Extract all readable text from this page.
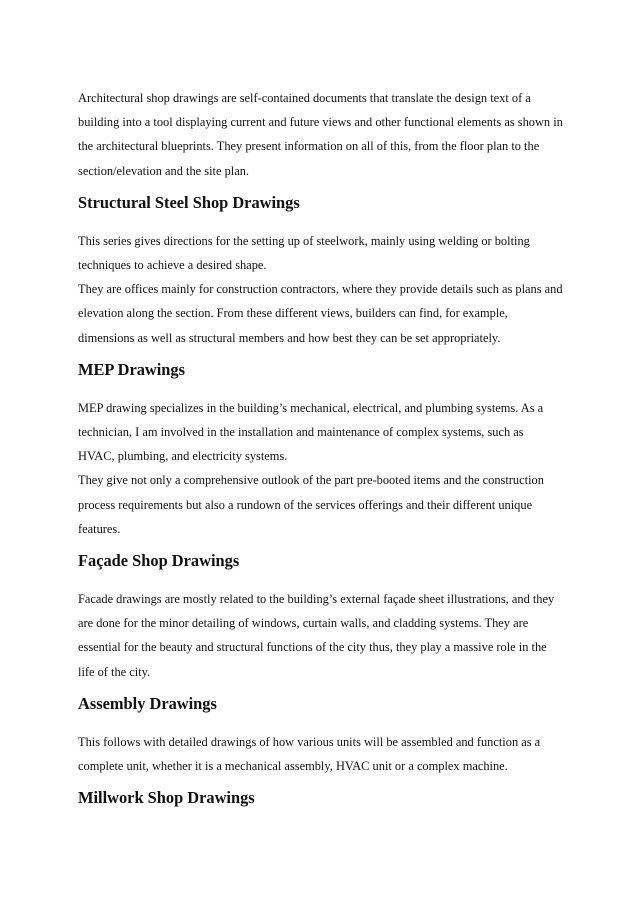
Architectural shop drawings are self-contained documents that translate the design text of a
building into a tool displaying current and future views and other functional elements as shown in
the architectural blueprints. They present information on all of this, from the floor plan to the
section/elevation and the site plan.

Structural Steel Shop Drawings

This series gives directions for the setting up of steelwork, mainly using welding or bolting
techniques to achieve a desired shape.
They are offices mainly for construction contractors, where they provide details such as plans and
elevation along the section. From these different views, builders can find, for example,
dimensions as well as structural members and how best they can be set appropriately.

MEP Drawings

MEP drawing specializes in the building’s mechanical, electrical, and plumbing systems. As a
technician, I am involved in the installation and maintenance of complex systems, such as
HVAC, plumbing, and electricity systems.
They give not only a comprehensive outlook of the part pre-booted items and the construction
process requirements but also a rundown of the services offerings and their different unique
features.

Façade Shop Drawings

Facade drawings are mostly related to the building’s external façade sheet illustrations, and they
are done for the minor detailing of windows, curtain walls, and cladding systems. They are
essential for the beauty and structural functions of the city thus, they play a massive role in the
life of the city.

Assembly Drawings

This follows with detailed drawings of how various units will be assembled and function as a
complete unit, whether it is a mechanical assembly, HVAC unit or a complex machine.

Millwork Shop Drawings
